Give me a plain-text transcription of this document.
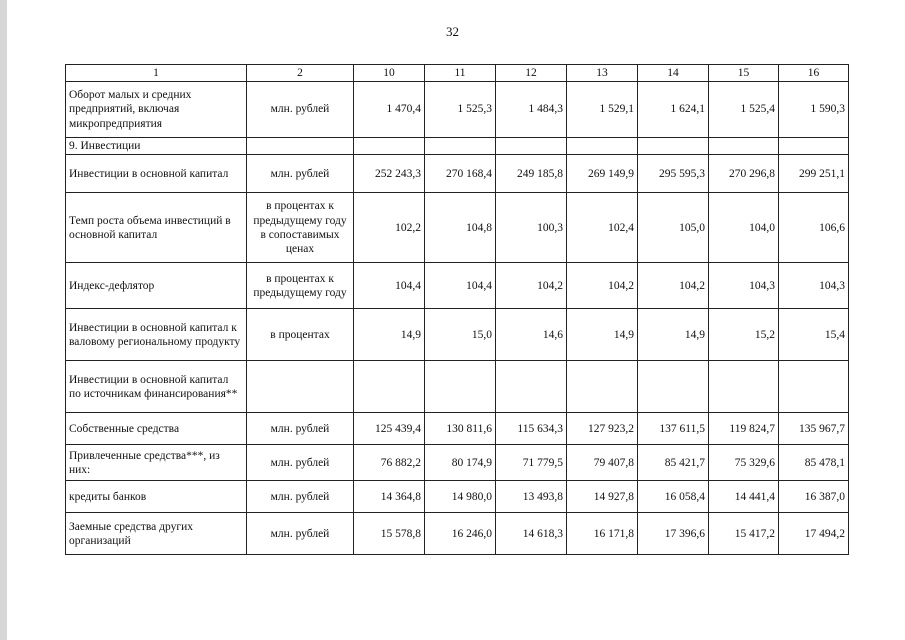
32
1	2	10	11	12	13	14	15	16
Оборот малых и средних предприятий, включая микропредприятия	млн. рублей	1 470,4	1 525,3	1 484,3	1 529,1	1 624,1	1 525,4	1 590,3
9. Инвестиции								
Инвестиции в основной капитал	млн. рублей	252 243,3	270 168,4	249 185,8	269 149,9	295 595,3	270 296,8	299 251,1
Темп роста объема инвестиций в основной капитал	в процентах к предыдущему году в сопоставимых ценах	102,2	104,8	100,3	102,4	105,0	104,0	106,6
Индекс-дефлятор	в процентах к предыдущему году	104,4	104,4	104,2	104,2	104,2	104,3	104,3
Инвестиции в основной капитал к валовому региональному продукту	в процентах	14,9	15,0	14,6	14,9	14,9	15,2	15,4
Инвестиции в основной капитал по источникам финансирования**								
Собственные средства	млн. рублей	125 439,4	130 811,6	115 634,3	127 923,2	137 611,5	119 824,7	135 967,7
Привлеченные средства***, из них:	млн. рублей	76 882,2	80 174,9	71 779,5	79 407,8	85 421,7	75 329,6	85 478,1
кредиты банков	млн. рублей	14 364,8	14 980,0	13 493,8	14 927,8	16 058,4	14 441,4	16 387,0
Заемные средства других организаций	млн. рублей	15 578,8	16 246,0	14 618,3	16 171,8	17 396,6	15 417,2	17 494,2
